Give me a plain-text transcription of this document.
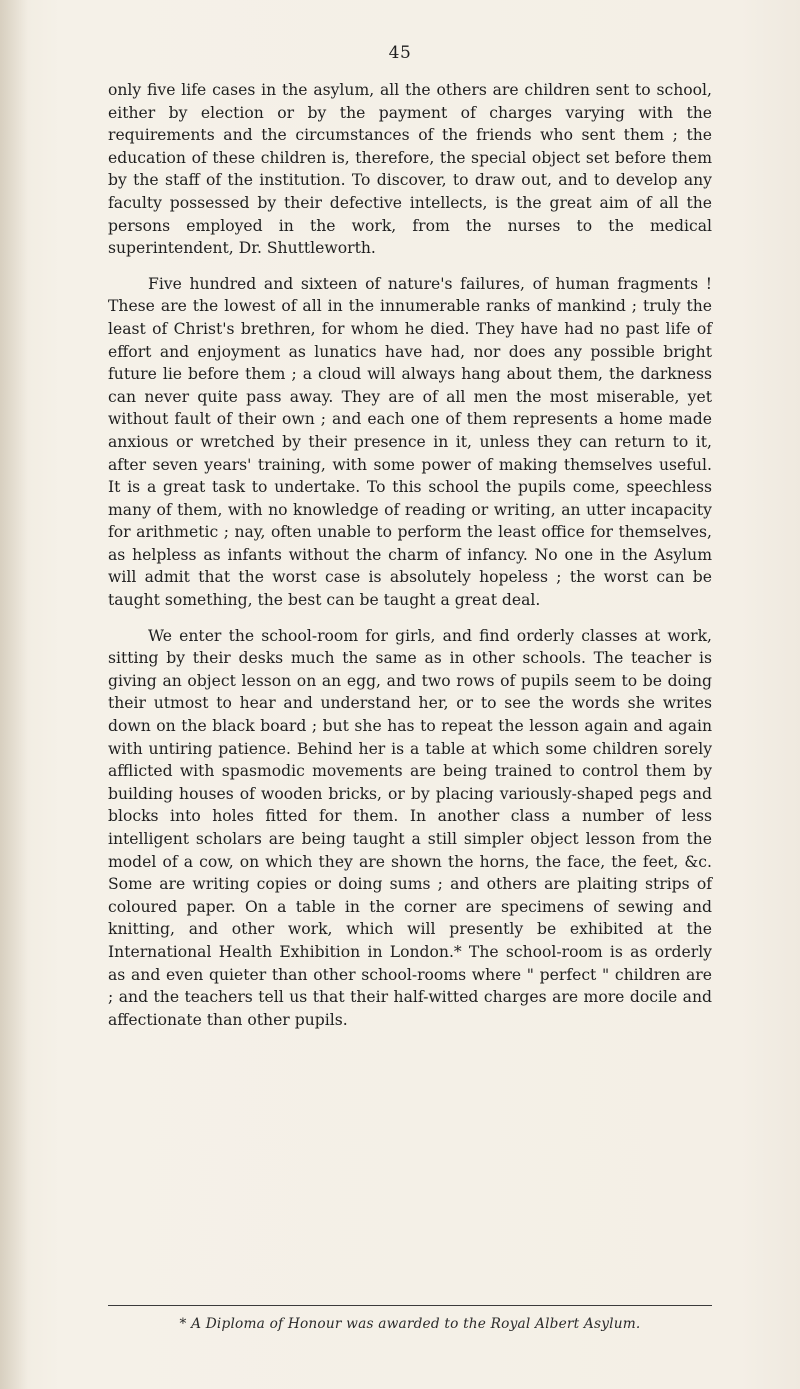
45

only five life cases in the asylum, all the others are children sent to school, either by election or by the payment of charges varying with the requirements and the circumstances of the friends who sent them ; the education of these children is, therefore, the special object set before them by the staff of the institution. To discover, to draw out, and to develop any faculty possessed by their defective intellects, is the great aim of all the persons employed in the work, from the nurses to the medical superintendent, Dr. Shuttleworth.

Five hundred and sixteen of nature's failures, of human fragments ! These are the lowest of all in the innumerable ranks of mankind ; truly the least of Christ's brethren, for whom he died. They have had no past life of effort and enjoyment as lunatics have had, nor does any possible bright future lie before them ; a cloud will always hang about them, the darkness can never quite pass away. They are of all men the most miserable, yet without fault of their own ; and each one of them represents a home made anxious or wretched by their presence in it, unless they can return to it, after seven years' training, with some power of making themselves useful. It is a great task to undertake. To this school the pupils come, speechless many of them, with no knowledge of reading or writing, an utter incapacity for arithmetic ; nay, often unable to perform the least office for themselves, as helpless as infants without the charm of infancy. No one in the Asylum will admit that the worst case is absolutely hopeless ; the worst can be taught something, the best can be taught a great deal.

We enter the school-room for girls, and find orderly classes at work, sitting by their desks much the same as in other schools. The teacher is giving an object lesson on an egg, and two rows of pupils seem to be doing their utmost to hear and understand her, or to see the words she writes down on the black board ; but she has to repeat the lesson again and again with untiring patience. Behind her is a table at which some children sorely afflicted with spasmodic movements are being trained to control them by building houses of wooden bricks, or by placing variously-shaped pegs and blocks into holes fitted for them. In another class a number of less intelligent scholars are being taught a still simpler object lesson from the model of a cow, on which they are shown the horns, the face, the feet, &c. Some are writing copies or doing sums ; and others are plaiting strips of coloured paper. On a table in the corner are specimens of sewing and knitting, and other work, which will presently be exhibited at the International Health Exhibition in London.* The school-room is as orderly as and even quieter than other school-rooms where " perfect " children are ; and the teachers tell us that their half-witted charges are more docile and affectionate than other pupils.

* A Diploma of Honour was awarded to the Royal Albert Asylum.
